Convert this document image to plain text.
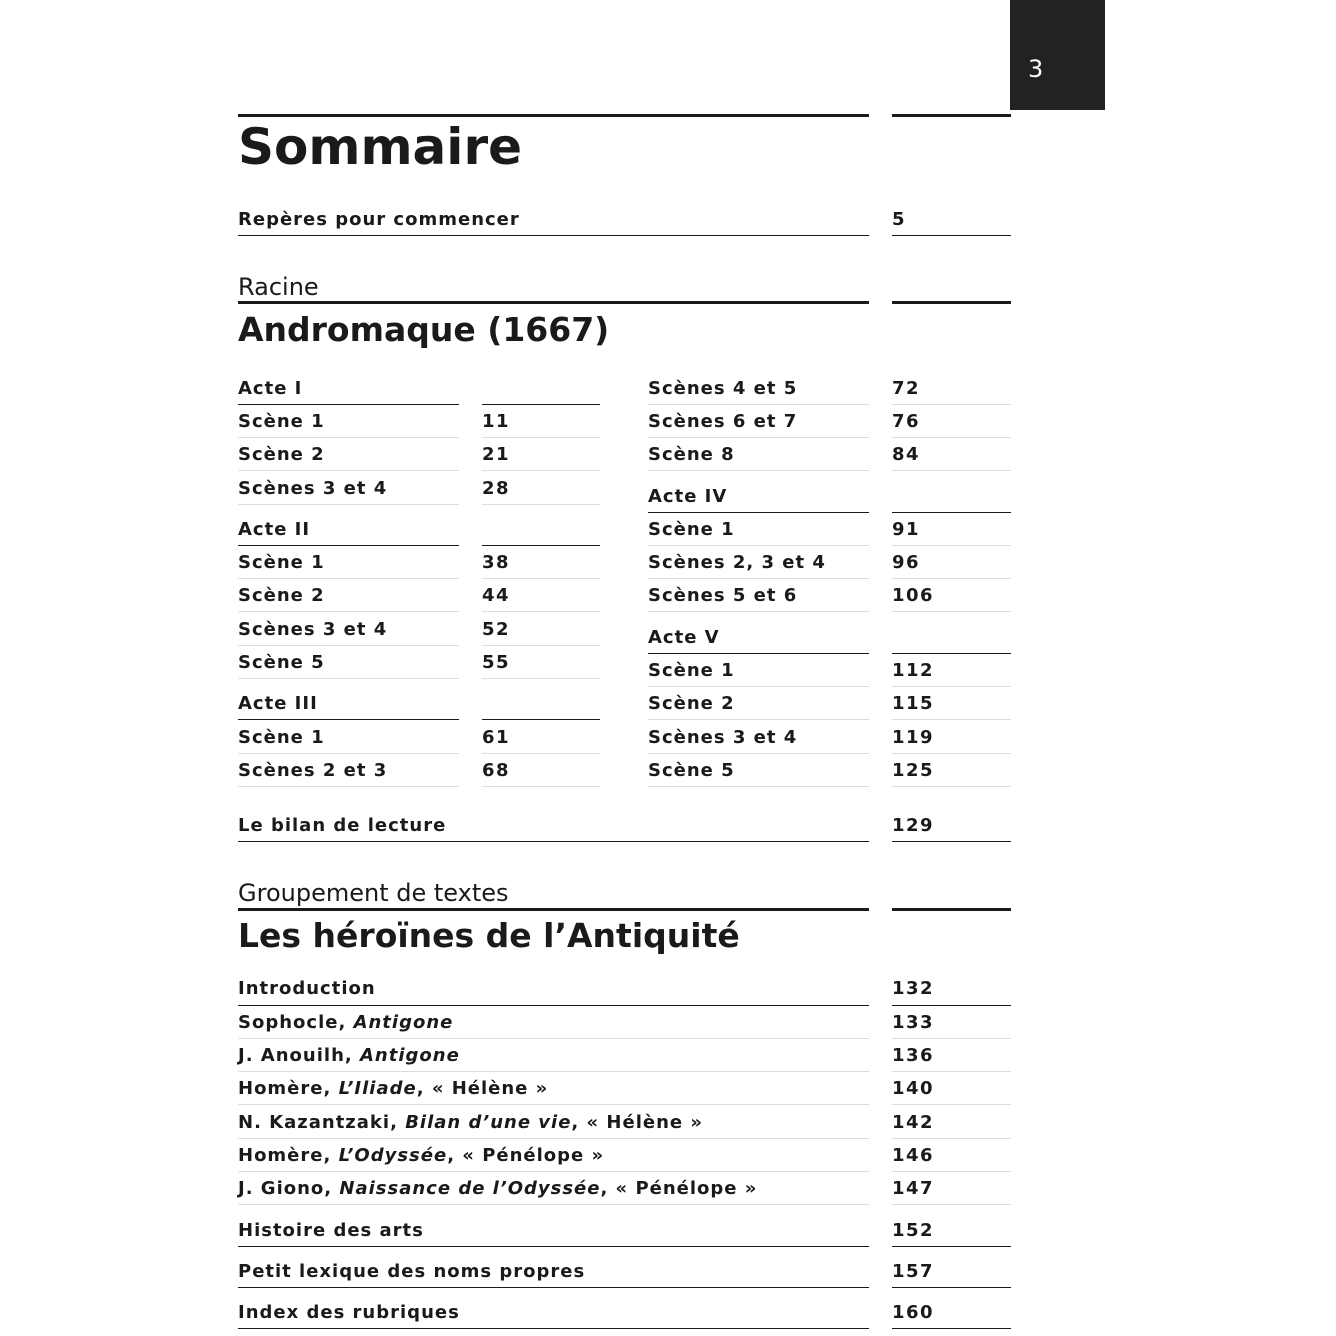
3
Sommaire
Repères pour commencer	5
Racine
Andromaque (1667)
Acte I
Scène 1	11
Scène 2	21
Scènes 3 et 4	28
Acte II
Scène 1	38
Scène 2	44
Scènes 3 et 4	52
Scène 5	55
Acte III
Scène 1	61
Scènes 2 et 3	68
Scènes 4 et 5	72
Scènes 6 et 7	76
Scène 8	84
Acte IV
Scène 1	91
Scènes 2, 3 et 4	96
Scènes 5 et 6	106
Acte V
Scène 1	112
Scène 2	115
Scènes 3 et 4	119
Scène 5	125
Le bilan de lecture	129
Groupement de textes
Les héroïnes de l’Antiquité
Introduction	132
Sophocle, Antigone	133
J. Anouilh, Antigone	136
Homère, L’Iliade, « Hélène »	140
N. Kazantzaki, Bilan d’une vie, « Hélène »	142
Homère, L’Odyssée, « Pénélope »	146
J. Giono, Naissance de l’Odyssée, « Pénélope »	147
Histoire des arts	152
Petit lexique des noms propres	157
Index des rubriques	160
